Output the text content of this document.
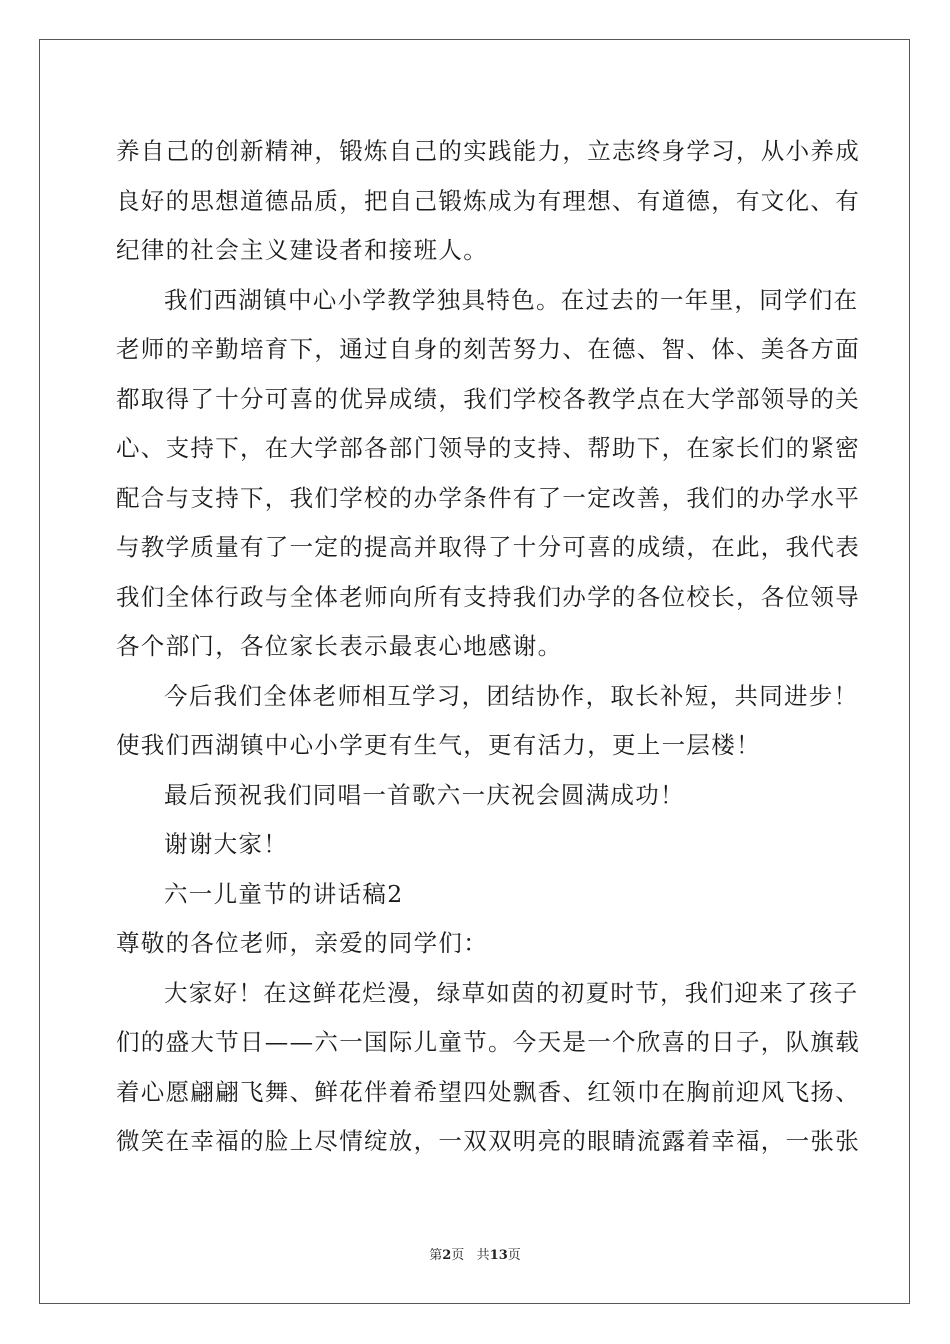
养自己的创新精神，锻炼自己的实践能力，立志终身学习，从小养成
良好的思想道德品质，把自己锻炼成为有理想、有道德，有文化、有
纪律的社会主义建设者和接班人。
我们西湖镇中心小学教学独具特色。在过去的一年里，同学们在
老师的辛勤培育下，通过自身的刻苦努力、在德、智、体、美各方面
都取得了十分可喜的优异成绩，我们学校各教学点在大学部领导的关
心、支持下，在大学部各部门领导的支持、帮助下，在家长们的紧密
配合与支持下，我们学校的办学条件有了一定改善，我们的办学水平
与教学质量有了一定的提高并取得了十分可喜的成绩，在此，我代表
我们全体行政与全体老师向所有支持我们办学的各位校长，各位领导
各个部门，各位家长表示最衷心地感谢。
今后我们全体老师相互学习，团结协作，取长补短，共同进步！
使我们西湖镇中心小学更有生气，更有活力，更上一层楼！
最后预祝我们同唱一首歌六一庆祝会圆满成功！
谢谢大家！
六一儿童节的讲话稿2
尊敬的各位老师，亲爱的同学们：
大家好！在这鲜花烂漫，绿草如茵的初夏时节，我们迎来了孩子
们的盛大节日——六一国际儿童节。今天是一个欣喜的日子，队旗载
着心愿翩翩飞舞、鲜花伴着希望四处飘香、红领巾在胸前迎风飞扬、
微笑在幸福的脸上尽情绽放，一双双明亮的眼睛流露着幸福，一张张
第2页 共13页
